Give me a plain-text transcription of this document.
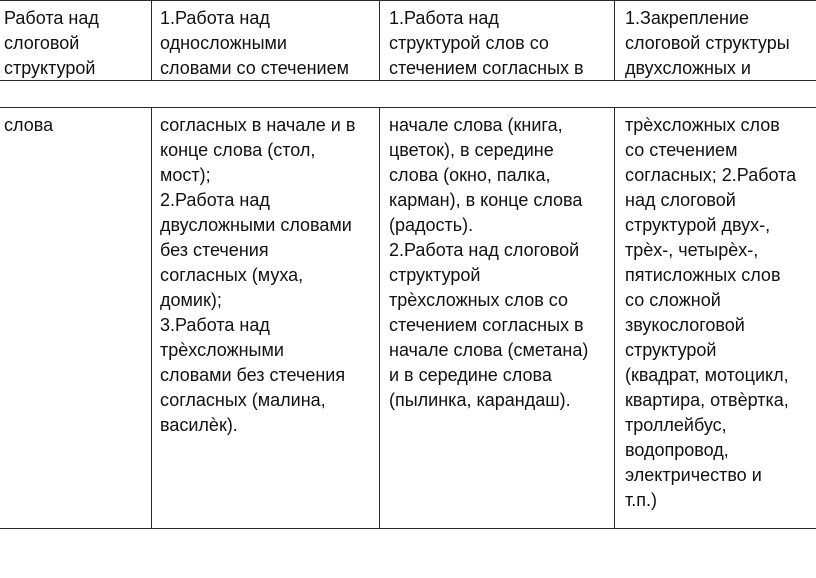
Работа над
слоговой
структурой
1.Работа над
односложными
словами со стечением
1.Работа над
структурой слов со
стечением согласных в
1.Закрепление
слоговой структуры
двухсложных и
слова	согласных в начале и в
конце слова (стол,
мост);
2.Работа над
двусложными словами
без стечения
согласных (муха,
домик);
3.Работа над
трѐхсложными
словами без стечения
согласных (малина,
василѐк).
начале слова (книга,
цветок), в середине
слова (окно, палка,
карман), в конце слова
(радость).
2.Работа над слоговой
структурой
трѐхсложных слов со
стечением согласных в
начале слова (сметана)
и в середине слова
(пылинка, карандаш).
трѐхсложных слов
со стечением
согласных; 2.Работа
над слоговой
структурой двух-,
трѐх-, четырѐх-,
пятисложных слов
со сложной
звукослоговой
структурой
(квадрат, мотоцикл,
квартира, отвѐртка,
троллейбус,
водопровод,
электричество и
т.п.)
